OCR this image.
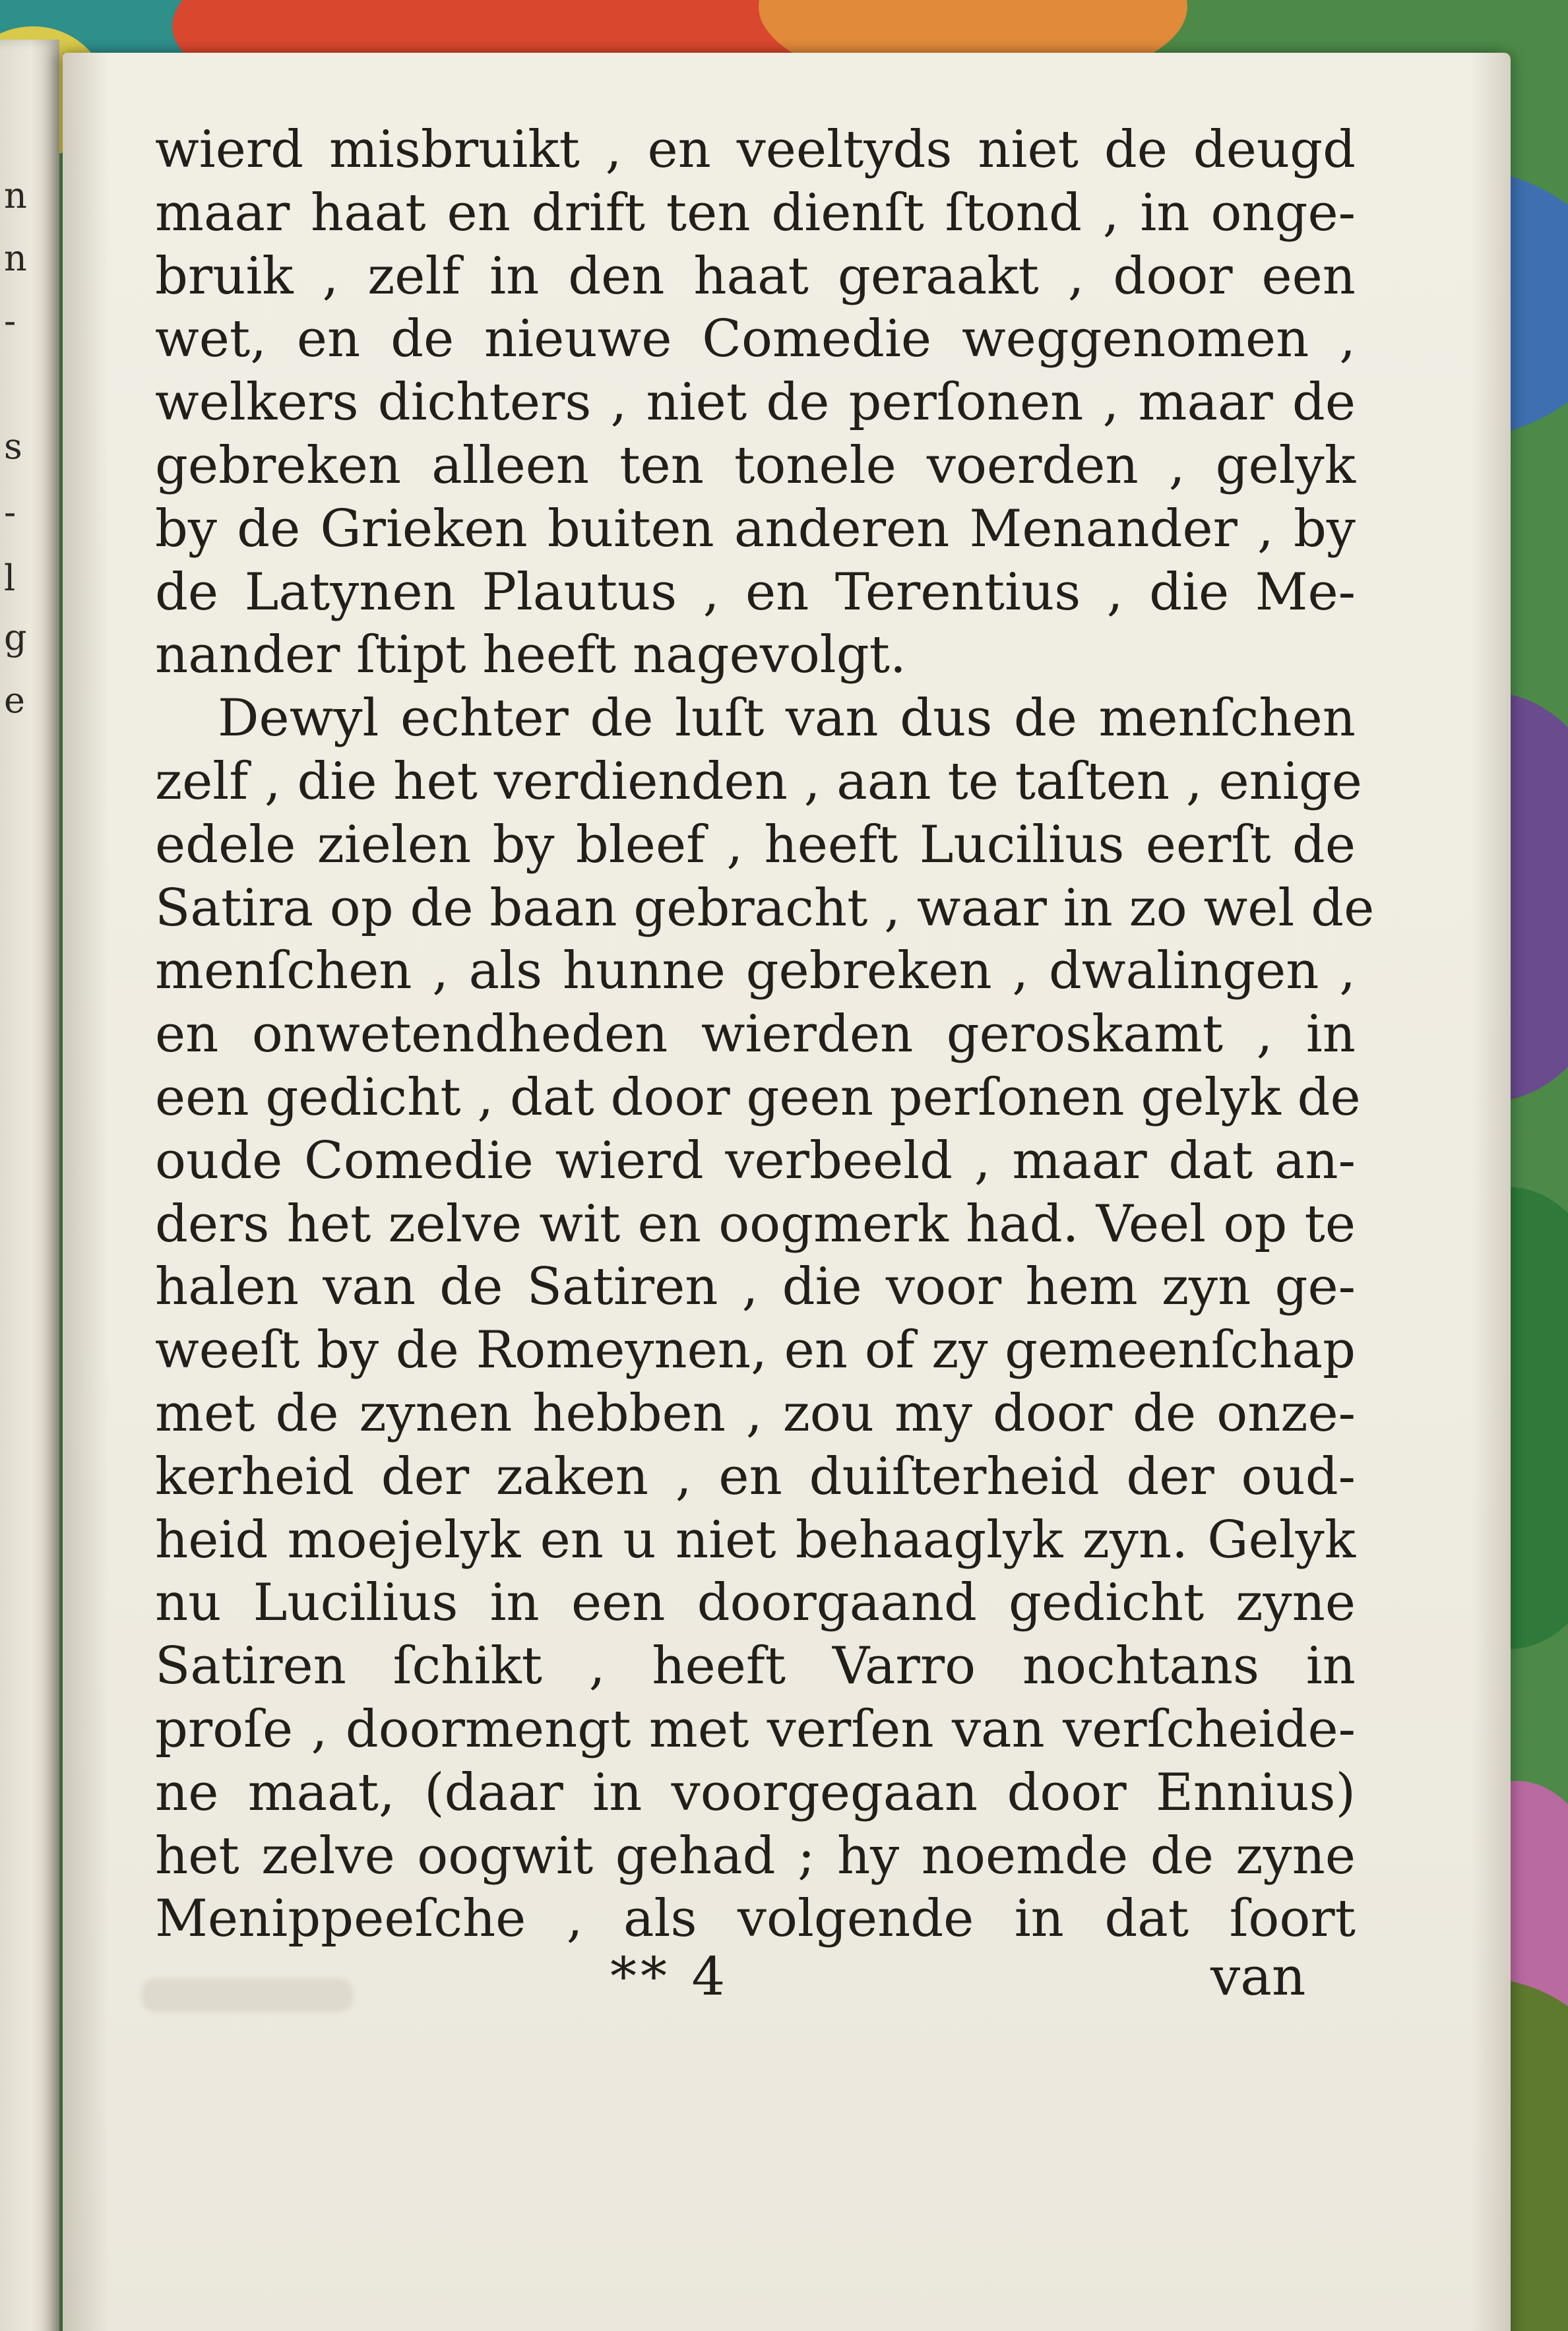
n
n
-
s
-
l
g
e
wierd misbruikt , en veeltyds niet de deugd
maar haat en drift ten dienſt ſtond , in onge-
bruik , zelf in den haat geraakt , door een
wet, en de nieuwe Comedie weggenomen ,
welkers dichters , niet de perſonen , maar de
gebreken alleen ten tonele voerden , gelyk
by de Grieken buiten anderen Menander , by
de Latynen Plautus , en Terentius , die Me-
nander ſtipt heeft nagevolgt.
Dewyl echter de luſt van dus de menſchen
zelf , die het verdienden , aan te taſten , enige
edele zielen by bleef , heeft Lucilius eerſt de
Satira op de baan gebracht , waar in zo wel de
menſchen , als hunne gebreken , dwalingen ,
en onwetendheden wierden geroskamt , in
een gedicht , dat door geen perſonen gelyk de
oude Comedie wierd verbeeld , maar dat an-
ders het zelve wit en oogmerk had. Veel op te
halen van de Satiren , die voor hem zyn ge-
weeſt by de Romeynen, en of zy gemeenſchap
met de zynen hebben , zou my door de onze-
kerheid der zaken , en duiſterheid der oud-
heid moejelyk en u niet behaaglyk zyn. Gelyk
nu Lucilius in een doorgaand gedicht zyne
Satiren ſchikt , heeft Varro nochtans in
proſe , doormengt met verſen van verſcheide-
ne maat, (daar in voorgegaan door Ennius)
het zelve oogwit gehad ; hy noemde de zyne
Menippeeſche , als volgende in dat ſoort
** 4	van
